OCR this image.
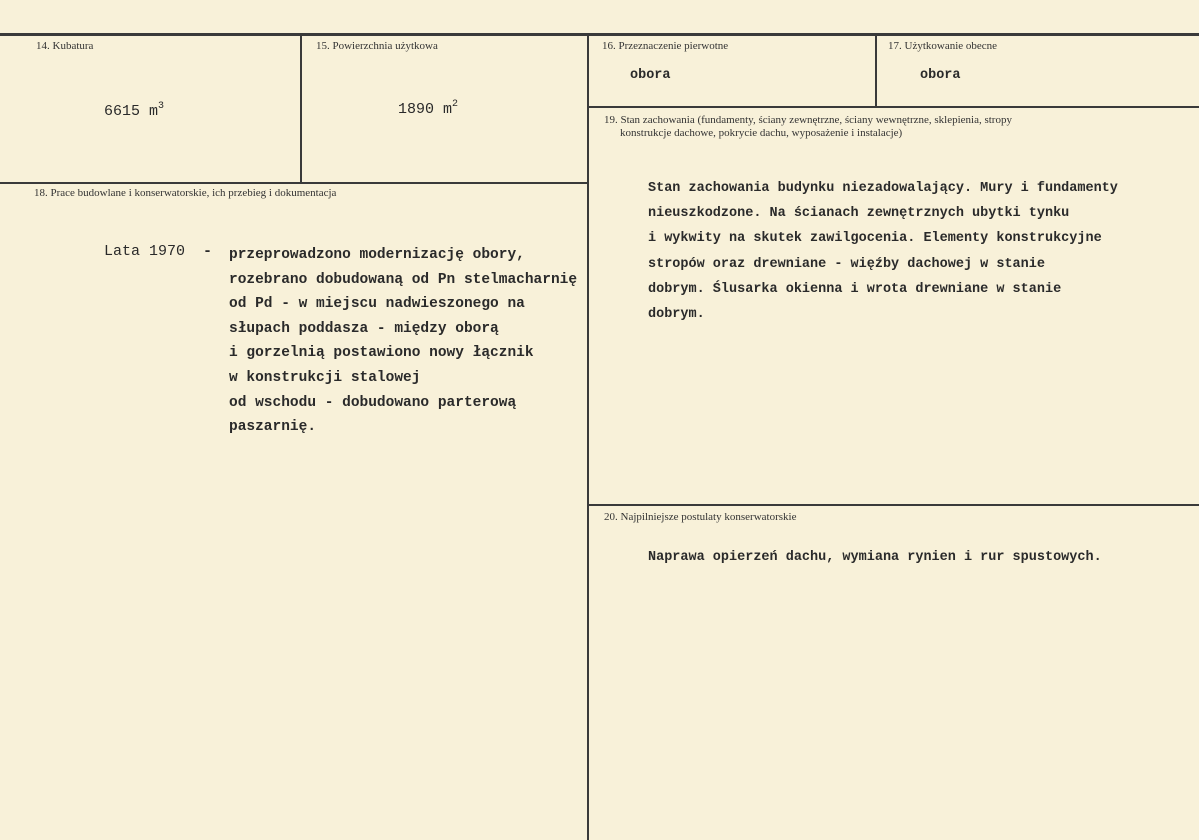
14. Kubatura
6615 $m^3$
15. Powierzchnia użytkowa
1890 $m^2$
16. Przeznaczenie pierwotne
obora
17. Użytkowanie obecne
obora
18. Prace budowlane i konserwatorskie, ich przebieg i dokumentacja
Lata 1970 - przeprowadzono modernizację obory,
rozebrano dobudowaną od Pn stelmacharnię
od Pd - w miejscu nadwieszonego na
słupach poddasza - między oborą
i gorzelnią postawiono nowy łącznik
w konstrukcji stalowej
od wschodu - dobudowano parterową
paszarnię.
19. Stan zachowania (fundamenty, ściany zewnętrzne, ściany wewnętrzne, sklepienia, stropy
konstrukcje dachowe, pokrycie dachu, wyposażenie i instalacje)
Stan zachowania budynku niezadowalający. Mury i fundamenty
nieuszkodzone. Na ścianach zewnętrznych ubytki tynku
i wykwity na skutek zawilgocenia. Elementy konstrukcyjne
stropów oraz drewniane - więźby dachowej w stanie
dobrym. Ślusarka okienna i wrota drewniane w stanie
dobrym.
20. Najpilniejsze postulaty konserwatorskie
Naprawa opierzeń dachu, wymiana rynien i rur spustowych.
